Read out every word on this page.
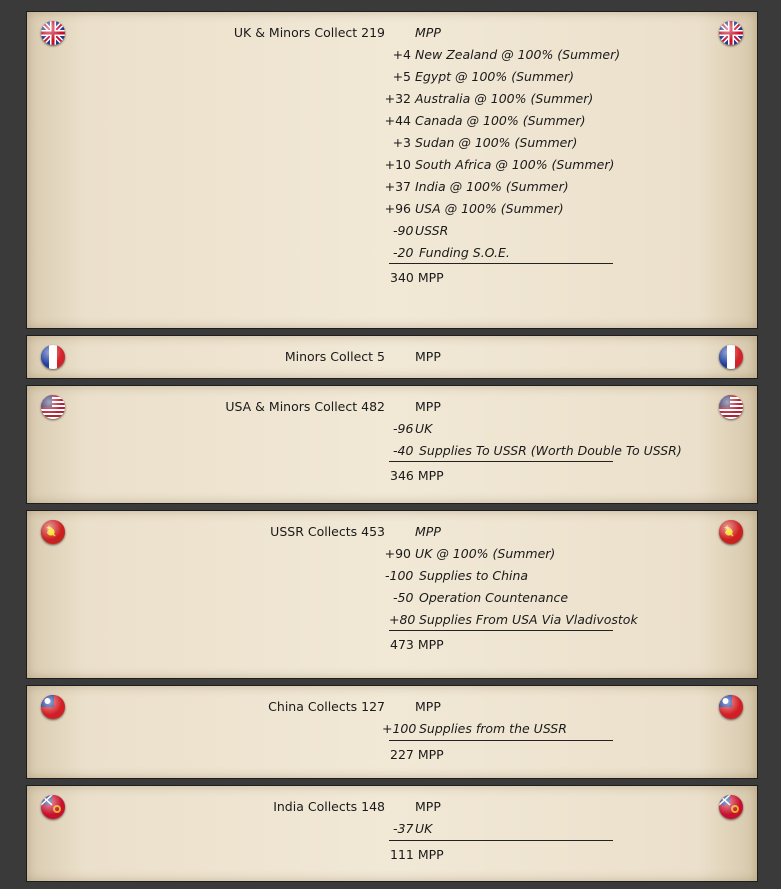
UK & Minors Collect 219 MPP
+4 New Zealand @ 100% (Summer)
+5 Egypt @ 100% (Summer)
+32 Australia @ 100% (Summer)
+44 Canada @ 100% (Summer)
+3 Sudan @ 100% (Summer)
+10 South Africa @ 100% (Summer)
+37 India @ 100% (Summer)
+96 USA @ 100% (Summer)
-90 USSR
-20 Funding S.O.E.
340 MPP
Minors Collect 5 MPP
USA & Minors Collect 482 MPP
-96 UK
-40 Supplies To USSR (Worth Double To USSR)
346 MPP
USSR Collects 453 MPP
+90 UK @ 100% (Summer)
-100 Supplies to China
-50 Operation Countenance
+80 Supplies From USA Via Vladivostok
473 MPP
China Collects 127 MPP
+100 Supplies from the USSR
227 MPP
India Collects 148 MPP
-37 UK
111 MPP
